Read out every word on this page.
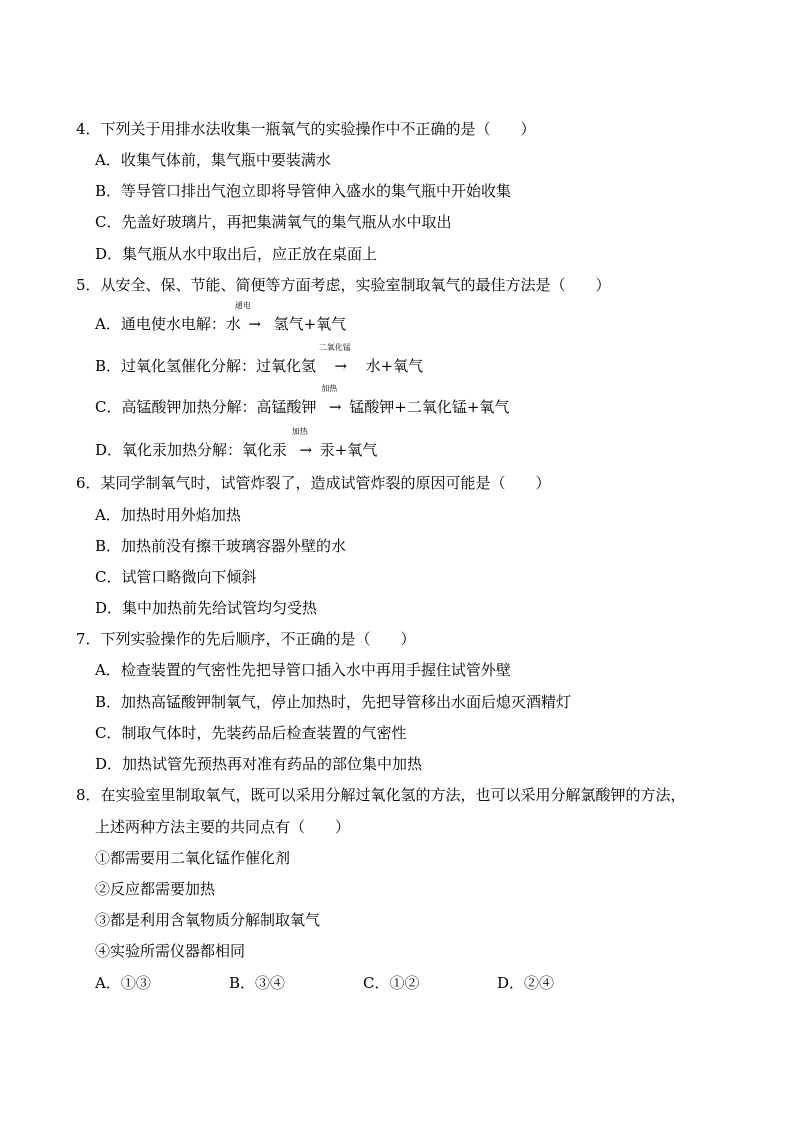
4．下列关于用排水法收集一瓶氧气的实验操作中不正确的是（　　）
A．收集气体前，集气瓶中要装满水
B．等导管口排出气泡立即将导管伸入盛水的集气瓶中开始收集
C．先盖好玻璃片，再把集满氧气的集气瓶从水中取出
D．集气瓶从水中取出后，应正放在桌面上
5．从安全、保、节能、简便等方面考虑，实验室制取氧气的最佳方法是（　　）
A．通电使水电解：水
通电
→ 氢气+氧气
B．过氧化氢催化分解：过氧化氢
二氧化锰
→ 水+氧气
C．高锰酸钾加热分解：高锰酸钾
加热
→ 锰酸钾+二氧化锰+氧气
D．氧化汞加热分解：氧化汞
加热
→ 汞+氧气
6．某同学制氧气时，试管炸裂了，造成试管炸裂的原因可能是（　　）
A．加热时用外焰加热
B．加热前没有擦干玻璃容器外壁的水
C．试管口略微向下倾斜
D．集中加热前先给试管均匀受热
7．下列实验操作的先后顺序，不正确的是（　　）
A．检查装置的气密性先把导管口插入水中再用手握住试管外壁
B．加热高锰酸钾制氧气，停止加热时，先把导管移出水面后熄灭酒精灯
C．制取气体时，先装药品后检查装置的气密性
D．加热试管先预热再对准有药品的部位集中加热
8．在实验室里制取氧气，既可以采用分解过氧化氢的方法，也可以采用分解氯酸钾的方法，
上述两种方法主要的共同点有（　　）
①都需要用二氧化锰作催化剂
②反应都需要加热
③都是利用含氧物质分解制取氧气
④实验所需仪器都相同
A．①③	B．③④	C．①②	D．②④
